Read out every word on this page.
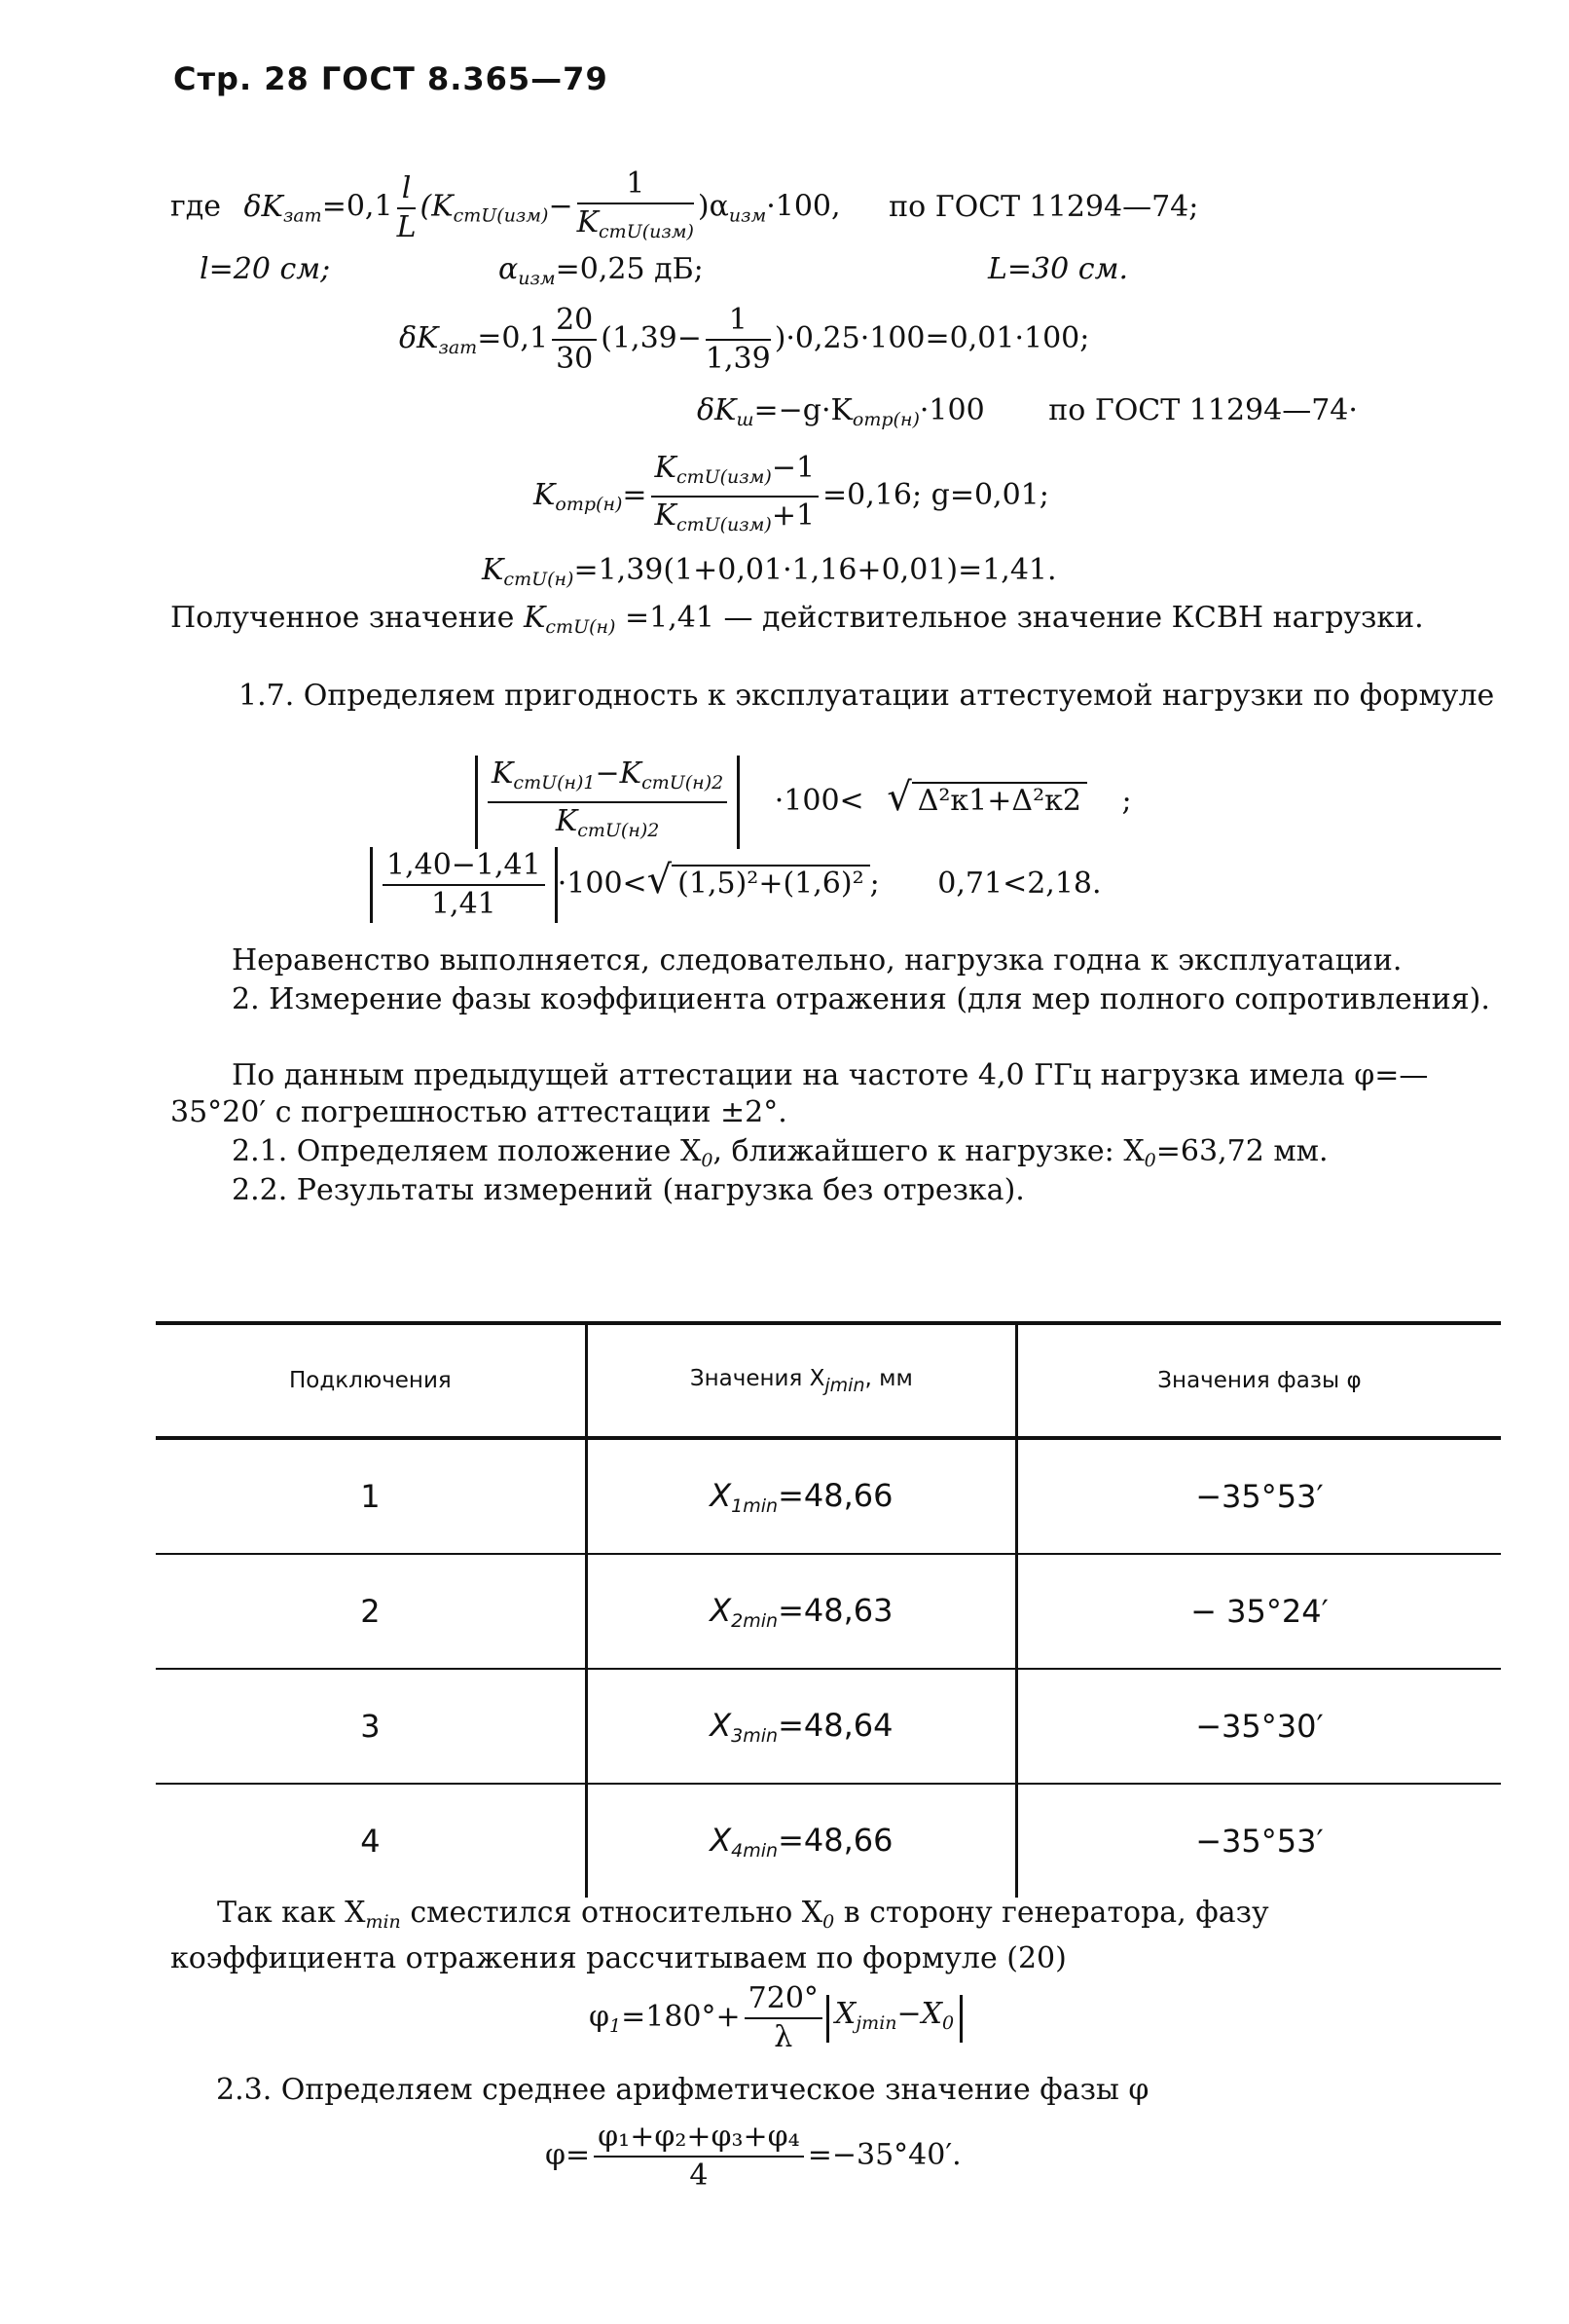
Стр. 28 ГОСТ 8.365—79
где $\delta K_{зат}=0,1 \frac{l}{L} (K_{стU(изм)}- \frac{1}{K_{стU(изм)}} )\alpha_{изм}\cdot 100$, по ГОСТ 11294—74;
l=20 см;	$\alpha_{изм}=0,25$ дБ;	L=30 см.
$\delta K_{зат}=0,1 \frac{20}{30} (1,39- \frac{1}{1,39} )\cdot 0,25\cdot 100=0,01\cdot 100$;
$\delta K_ш=-g\cdot K_{отр(н)}\cdot 100$ по ГОСТ 11294—74·
$K_{отр(н)}= \frac{K_{стU(изм)}-1}{K_{стU(изм)}+1} =0,16$; g=0,01;
$K_{стU(н)}=1,39(1+0,01\cdot 1,16+0,01)=1,41$.
Полученное значение $K_{стU(н)} =1,41$ — действительное значение КСВН нагрузки.
1.7. Определяем пригодность к эксплуатации аттестуемой нагрузки по формуле
$\frac{K_{стU(н)1}-K_{стU(н)2}}{K_{стU(н)2}} \cdot 100<$ √ Δ²к1+Δ²к2 ;
$\frac{1,40-1,41}{1,41} \cdot 100<√$ (1,5)²+(1,6)² ; 0,71<2,18.
Неравенство выполняется, следовательно, нагрузка годна к эксплуатации.
2. Измерение фазы коэффициента отражения (для мер полного сопротивления).
По данным предыдущей аттестации на частоте 4,0 ГГц нагрузка имела φ=— 35°20′ с погрешностью аттестации ±2°.
2.1. Определяем положение $X_0$, ближайшего к нагрузке: $X_0=63,72$ мм.
2.2. Результаты измерений (нагрузка без отрезка).
Подключения	Значения $X_{jmin}$, мм	Значения фазы φ
1	$X_{1min}=48,66$	−35°53′
2	$X_{2min}=48,63$	− 35°24′
3	$X_{3min}=48,64$	−35°30′
4	$X_{4min}=48,66$	−35°53′
Так как $X_{min}$ сместился относительно $X_0$ в сторону генератора, фазу коэффициента отражения рассчитываем по формуле (20)
$\varphi_1=180^\circ+ \frac{720^\circ}{\lambda} X_{jmin}-X_0$
2.3. Определяем среднее арифметическое значение фазы φ
$\varphi= \frac{\text{φ₁+φ₂+φ₃+φ₄}}{4} =-35^\circ 40'$.
